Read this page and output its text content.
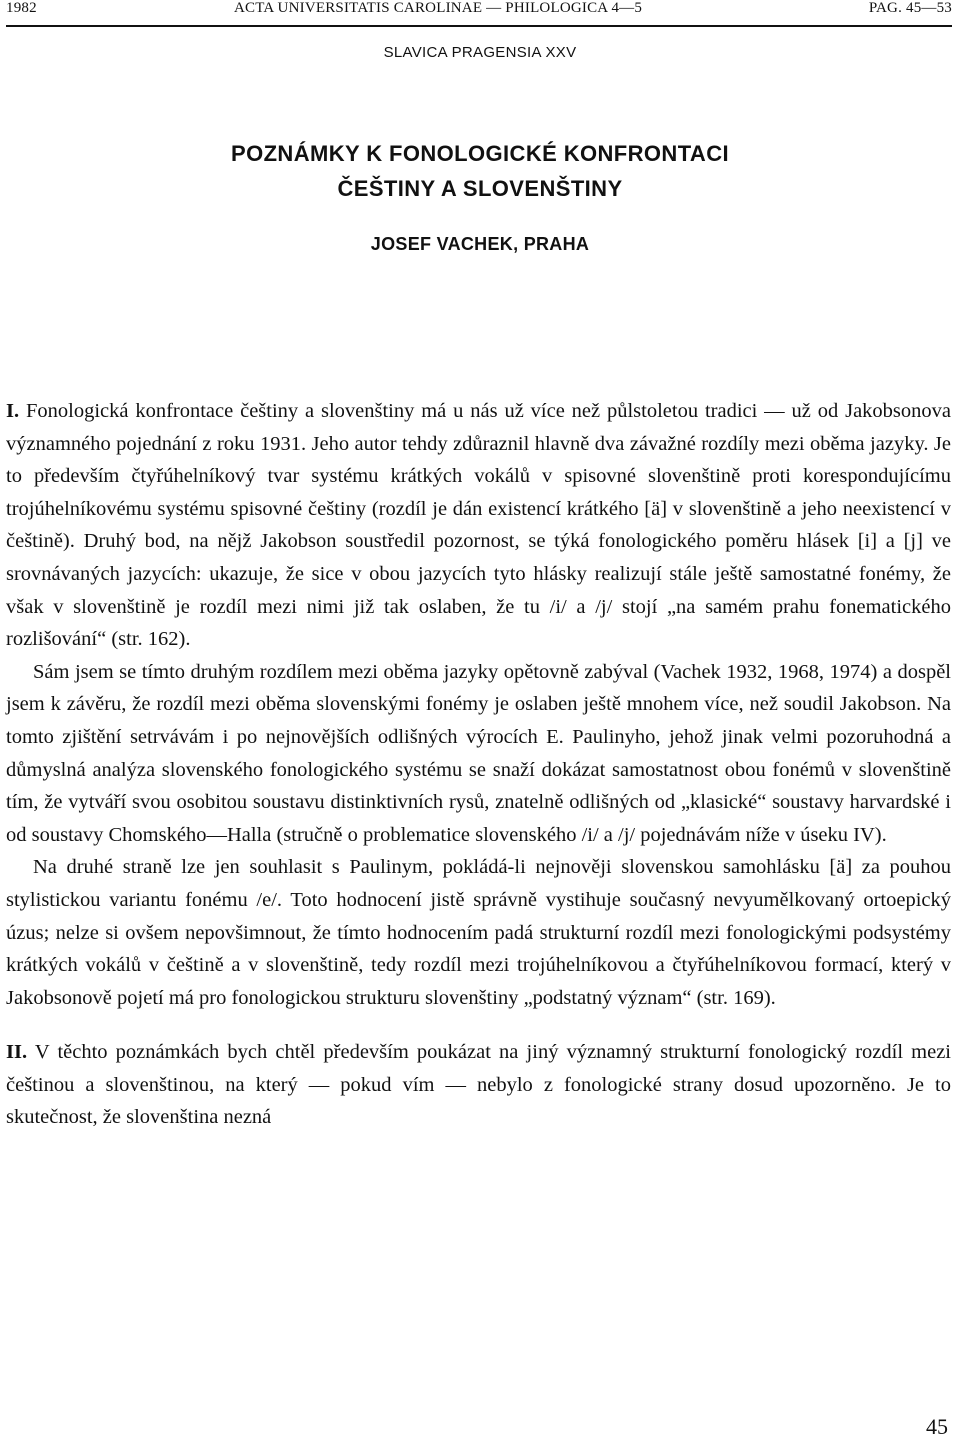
1982	ACTA UNIVERSITATIS CAROLINAE — PHILOLOGICA 4—5	PAG. 45—53
SLAVICA PRAGENSIA XXV
POZNÁMKY K FONOLOGICKÉ KONFRONTACI
ČEŠTINY A SLOVENŠTINY
JOSEF VACHEK, PRAHA

I. Fonologická konfrontace češtiny a slovenštiny má u nás už více než půlstoletou tradici — už od Jakobsonova významného pojednání z roku 1931. Jeho autor tehdy zdůraznil hlavně dva závažné rozdíly mezi oběma jazyky. Je to především čtyřúhelníkový tvar systému krátkých vokálů v spisovné slovenštině proti korespondujícímu trojúhelníkovému systému spisovné češtiny (rozdíl je dán existencí krátkého [ä] v slovenštině a jeho neexistencí v češtině). Druhý bod, na nějž Jakobson soustředil pozornost, se týká fonologického poměru hlásek [i] a [j] ve srovnávaných jazycích: ukazuje, že sice v obou jazycích tyto hlásky realizují stále ještě samostatné fonémy, že však v slovenštině je rozdíl mezi nimi již tak oslaben, že tu /i/ a /j/ stojí „na samém prahu fonematického rozlišování“ (str. 162).

Sám jsem se tímto druhým rozdílem mezi oběma jazyky opětovně zabýval (Vachek 1932, 1968, 1974) a dospěl jsem k závěru, že rozdíl mezi oběma slovenskými fonémy je oslaben ještě mnohem více, než soudil Jakobson. Na tomto zjištění setrvávám i po nejnovějších odlišných výrocích E. Paulinyho, jehož jinak velmi pozoruhodná a důmyslná analýza slovenského fonologického systému se snaží dokázat samostatnost obou fonémů v slovenštině tím, že vytváří svou osobitou soustavu distinktivních rysů, znatelně odlišných od „klasické“ soustavy harvardské i od soustavy Chomského—Halla (stručně o problematice slovenského /i/ a /j/ pojednávám níže v úseku IV).

Na druhé straně lze jen souhlasit s Paulinym, pokládá-li nejnověji slovenskou samohlásku [ä] za pouhou stylistickou variantu fonému /e/. Toto hodnocení jistě správně vystihuje současný nevyumělkovaný ortoepický úzus; nelze si ovšem nepovšimnout, že tímto hodnocením padá strukturní rozdíl mezi fonologickými podsystémy krátkých vokálů v češtině a v slovenštině, tedy rozdíl mezi trojúhelníkovou a čtyřúhelníkovou formací, který v Jakobsonově pojetí má pro fonologickou strukturu slovenštiny „podstatný význam“ (str. 169).

II. V těchto poznámkách bych chtěl především poukázat na jiný významný strukturní fonologický rozdíl mezi češtinou a slovenštinou, na který — pokud vím — nebylo z fonologické strany dosud upozorněno. Je to skutečnost, že slovenština nezná

45
